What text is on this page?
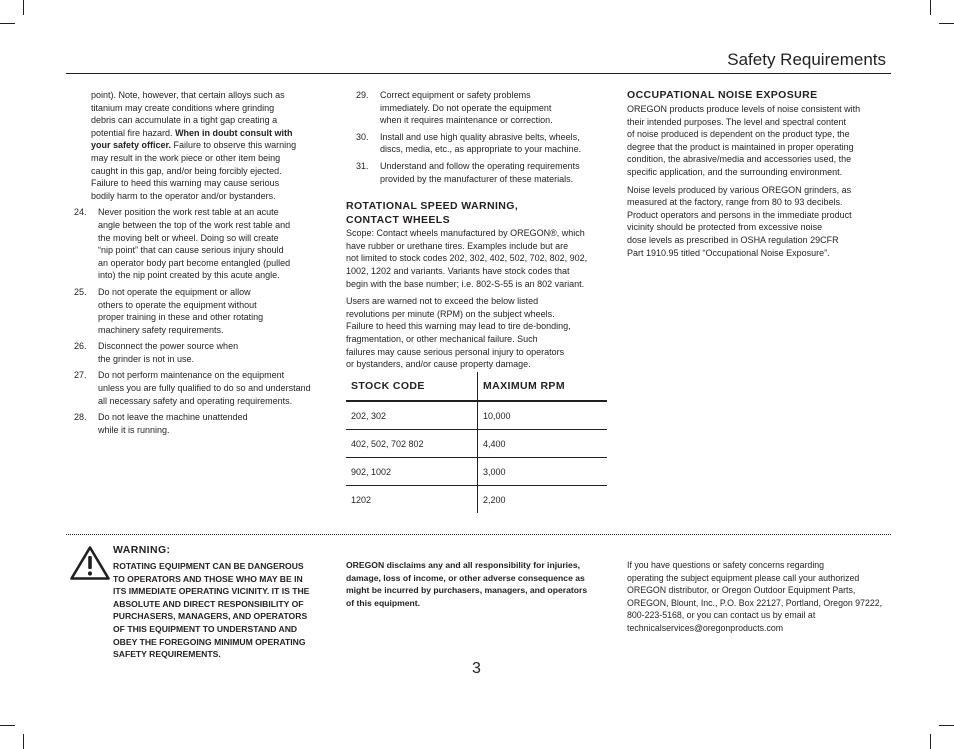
Safety Requirements

point). Note, however, that certain alloys such as
titanium may create conditions where grinding
debris can accumulate in a tight gap creating a
potential fire hazard. When in doubt consult with
your safety officer. Failure to observe this warning
may result in the work piece or other item being
caught in this gap, and/or being forcibly ejected.
Failure to heed this warning may cause serious
bodily harm to the operator and/or bystanders.

24. Never position the work rest table at an acute
angle between the top of the work rest table and
the moving belt or wheel. Doing so will create
“nip point” that can cause serious injury should
an operator body part become entangled (pulled
into) the nip point created by this acute angle.
25. Do not operate the equipment or allow
others to operate the equipment without
proper training in these and other rotating
machinery safety requirements.
26. Disconnect the power source when
the grinder is not in use.
27. Do not perform maintenance on the equipment
unless you are fully qualified to do so and understand
all necessary safety and operating requirements.
28. Do not leave the machine unattended
while it is running.
29. Correct equipment or safety problems
immediately. Do not operate the equipment
when it requires maintenance or correction.
30. Install and use high quality abrasive belts, wheels,
discs, media, etc., as appropriate to your machine.
31. Understand and follow the operating requirements
provided by the manufacturer of these materials.
ROTATIONAL SPEED WARNING,
CONTACT WHEELS

Scope: Contact wheels manufactured by OREGON®, which
have rubber or urethane tires. Examples include but are
not limited to stock codes 202, 302, 402, 502, 702, 802, 902,
1002, 1202 and variants. Variants have stock codes that
begin with the base number; i.e. 802-S-55 is an 802 variant.

Users are warned not to exceed the below listed
revolutions per minute (RPM) on the subject wheels.
Failure to heed this warning may lead to tire de-bonding,
fragmentation, or other mechanical failure. Such
failures may cause serious personal injury to operators
or bystanders, and/or cause property damage.

STOCK CODE	MAXIMUM RPM
202, 302	10,000
402, 502, 702 802	4,400
902, 1002	3,000
1202	2,200
OCCUPATIONAL NOISE EXPOSURE

OREGON products produce levels of noise consistent with
their intended purposes. The level and spectral content
of noise produced is dependent on the product type, the
degree that the product is maintained in proper operating
condition, the abrasive/media and accessories used, the
specific application, and the surrounding environment.

Noise levels produced by various OREGON grinders, as
measured at the factory, range from 80 to 93 decibels.
Product operators and persons in the immediate product
vicinity should be protected from excessive noise
dose levels as prescribed in OSHA regulation 29CFR
Part 1910.95 titled “Occupational Noise Exposure”.

WARNING:
ROTATING EQUIPMENT CAN BE DANGEROUS
TO OPERATORS AND THOSE WHO MAY BE IN
ITS IMMEDIATE OPERATING VICINITY. IT IS THE
ABSOLUTE AND DIRECT RESPONSIBILITY OF
PURCHASERS, MANAGERS, AND OPERATORS
OF THIS EQUIPMENT TO UNDERSTAND AND
OBEY THE FOREGOING MINIMUM OPERATING
SAFETY REQUIREMENTS.
OREGON disclaims any and all responsibility for injuries,
damage, loss of income, or other adverse consequence as
might be incurred by purchasers, managers, and operators
of this equipment.
If you have questions or safety concerns regarding
operating the subject equipment please call your authorized
OREGON distributor, or Oregon Outdoor Equipment Parts,
OREGON, Blount, Inc., P.O. Box 22127, Portland, Oregon 97222,
800-223-5168, or you can contact us by email at
technicalservices@oregonproducts.com
3
